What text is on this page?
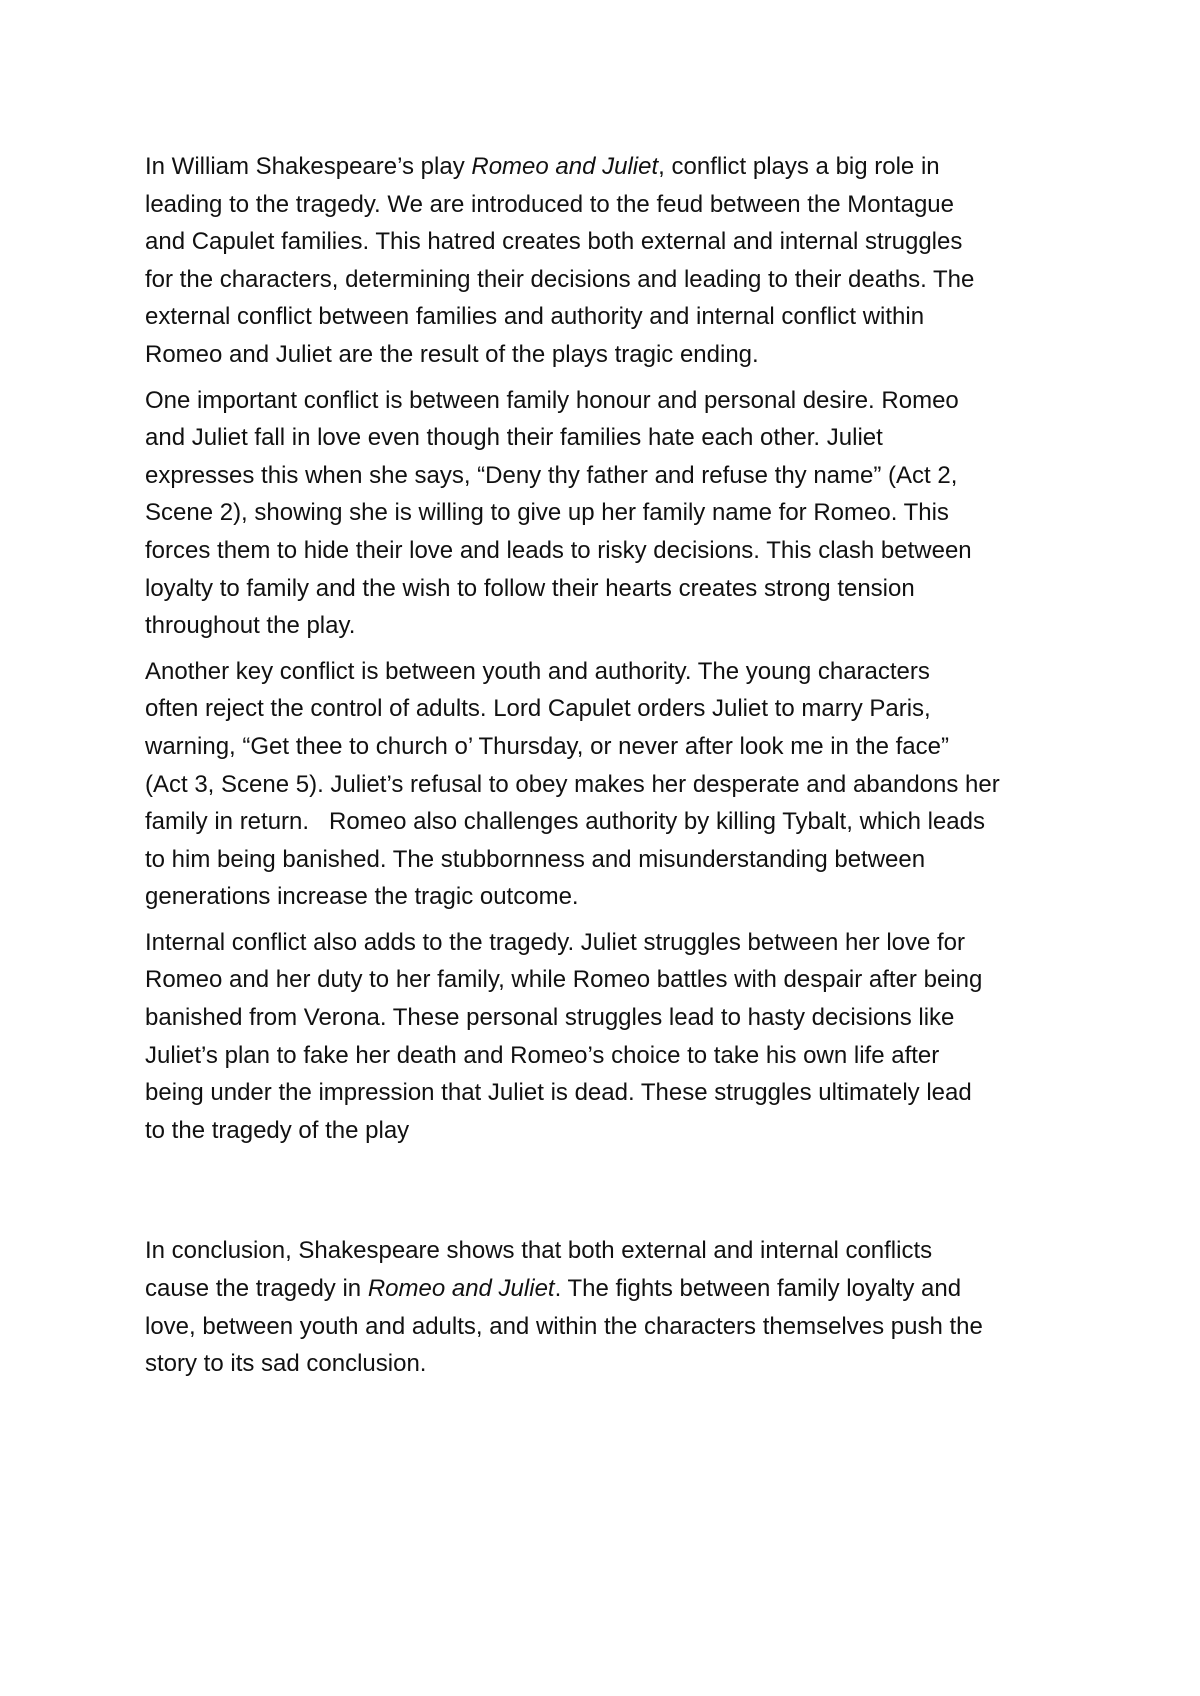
In William Shakespeare’s play Romeo and Juliet, conflict plays a big role in
leading to the tragedy. We are introduced to the feud between the Montague
and Capulet families. This hatred creates both external and internal struggles
for the characters, determining their decisions and leading to their deaths. The
external conflict between families and authority and internal conflict within
Romeo and Juliet are the result of the plays tragic ending.
One important conflict is between family honour and personal desire. Romeo
and Juliet fall in love even though their families hate each other. Juliet
expresses this when she says, “Deny thy father and refuse thy name” (Act 2,
Scene 2), showing she is willing to give up her family name for Romeo. This
forces them to hide their love and leads to risky decisions. This clash between
loyalty to family and the wish to follow their hearts creates strong tension
throughout the play.
Another key conflict is between youth and authority. The young characters
often reject the control of adults. Lord Capulet orders Juliet to marry Paris,
warning, “Get thee to church o’ Thursday, or never after look me in the face”
(Act 3, Scene 5). Juliet’s refusal to obey makes her desperate and abandons her
family in return.   Romeo also challenges authority by killing Tybalt, which leads
to him being banished. The stubbornness and misunderstanding between
generations increase the tragic outcome.
Internal conflict also adds to the tragedy. Juliet struggles between her love for
Romeo and her duty to her family, while Romeo battles with despair after being
banished from Verona. These personal struggles lead to hasty decisions like
Juliet’s plan to fake her death and Romeo’s choice to take his own life after
being under the impression that Juliet is dead. These struggles ultimately lead
to the tragedy of the play
In conclusion, Shakespeare shows that both external and internal conflicts
cause the tragedy in Romeo and Juliet. The fights between family loyalty and
love, between youth and adults, and within the characters themselves push the
story to its sad conclusion.
